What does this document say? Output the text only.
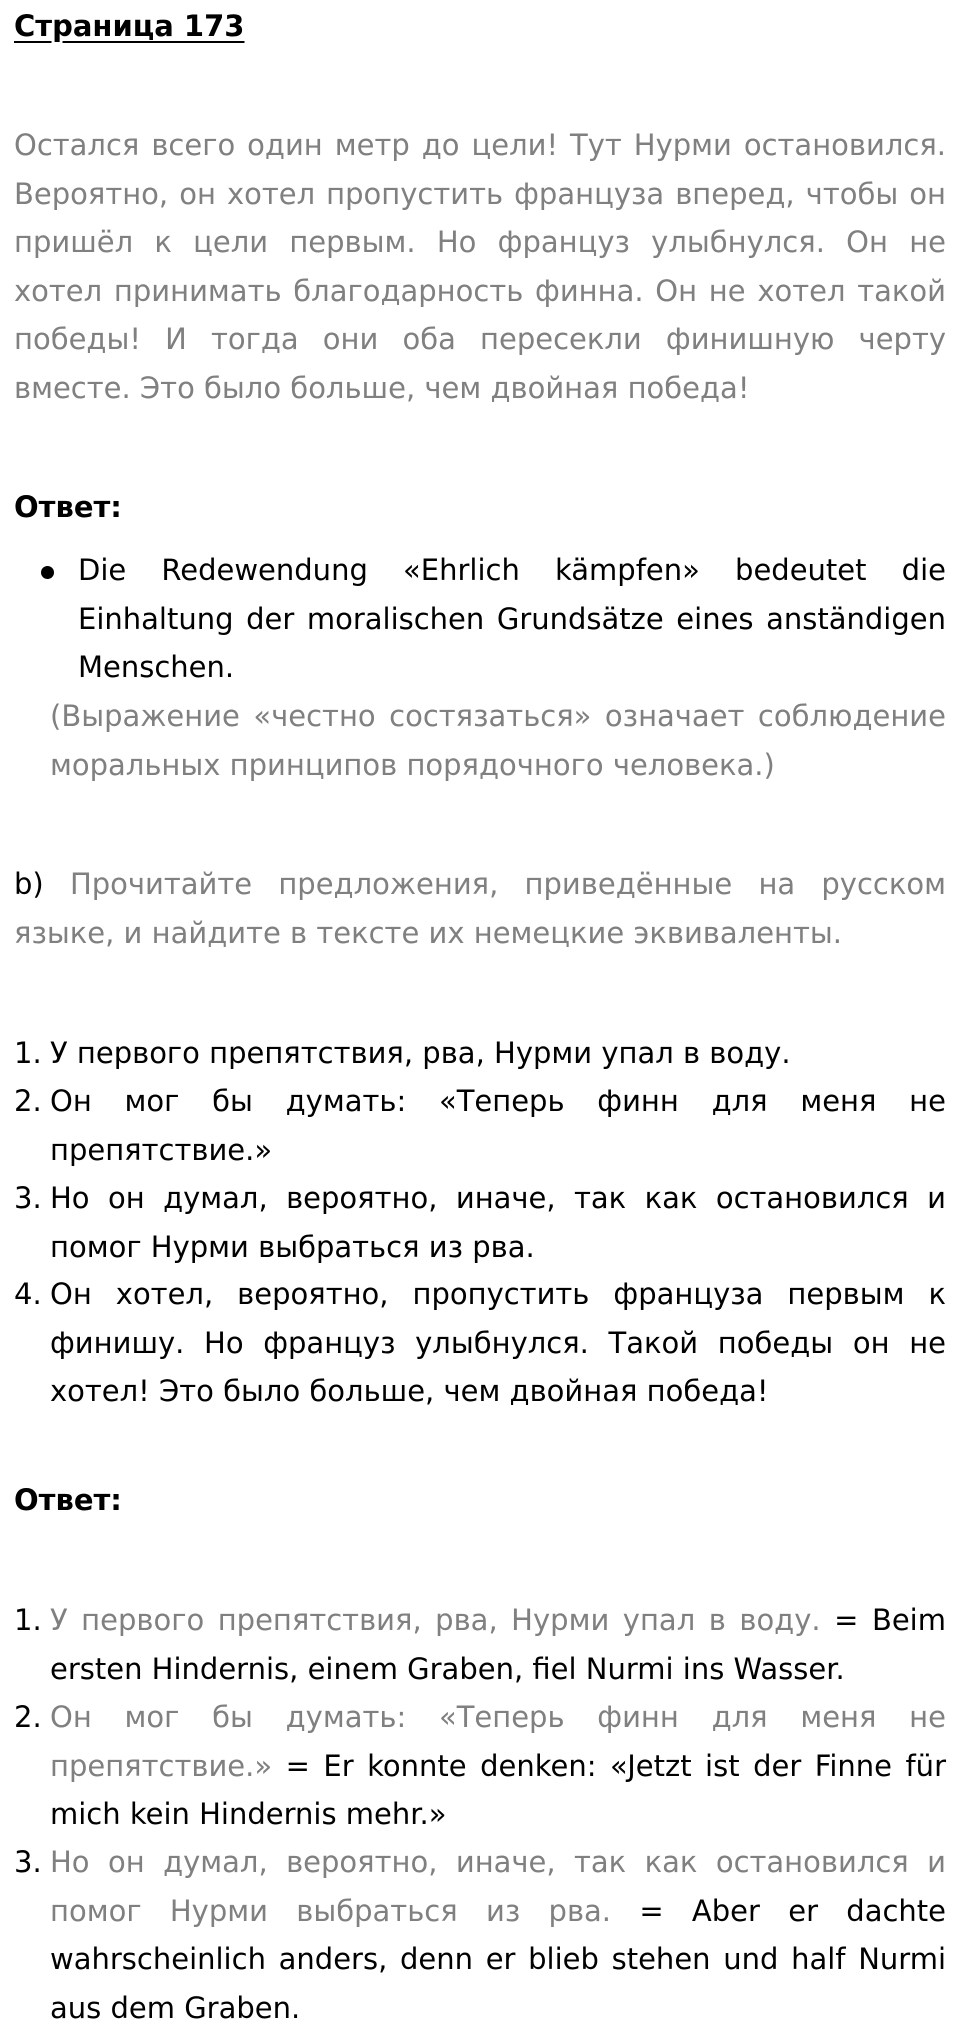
Страница 173

Остался всего один метр до цели! Тут Нурми остановился. Вероятно, он хотел пропустить француза вперед, чтобы он пришёл к цели первым. Но француз улыбнулся. Он не хотел принимать благодарность финна. Он не хотел такой победы! И тогда они оба пересекли финишную черту вместе. Это было больше, чем двойная победа!

Ответ:
Die Redewendung «Ehrlich kämpfen» bedeutet die Einhaltung der moralischen Grundsätze eines anständigen Menschen.
(Выражение «честно состязаться» означает соблюдение моральных принципов порядочного человека.)
b) Прочитайте предложения, приведённые на русском языке, и найдите в тексте их немецкие эквиваленты.
1. У первого препятствия, рва, Нурми упал в воду.
2. Он мог бы думать: «Теперь финн для меня не препятствие.»
3. Но он думал, вероятно, иначе, так как остановился и помог Нурми выбраться из рва.
4. Он хотел, вероятно, пропустить француза первым к финишу. Но француз улыбнулся. Такой победы он не хотел! Это было больше, чем двойная победа!
Ответ:
1. У первого препятствия, рва, Нурми упал в воду. = Beim ersten Hindernis, einem Graben, fiel Nurmi ins Wasser.
2. Он мог бы думать: «Теперь финн для меня не препятствие.» = Er konnte denken: «Jetzt ist der Finne für mich kein Hindernis mehr.»
3. Но он думал, вероятно, иначе, так как остановился и помог Нурми выбраться из рва. = Aber er dachte wahrscheinlich anders, denn er blieb stehen und half Nurmi aus dem Graben.
